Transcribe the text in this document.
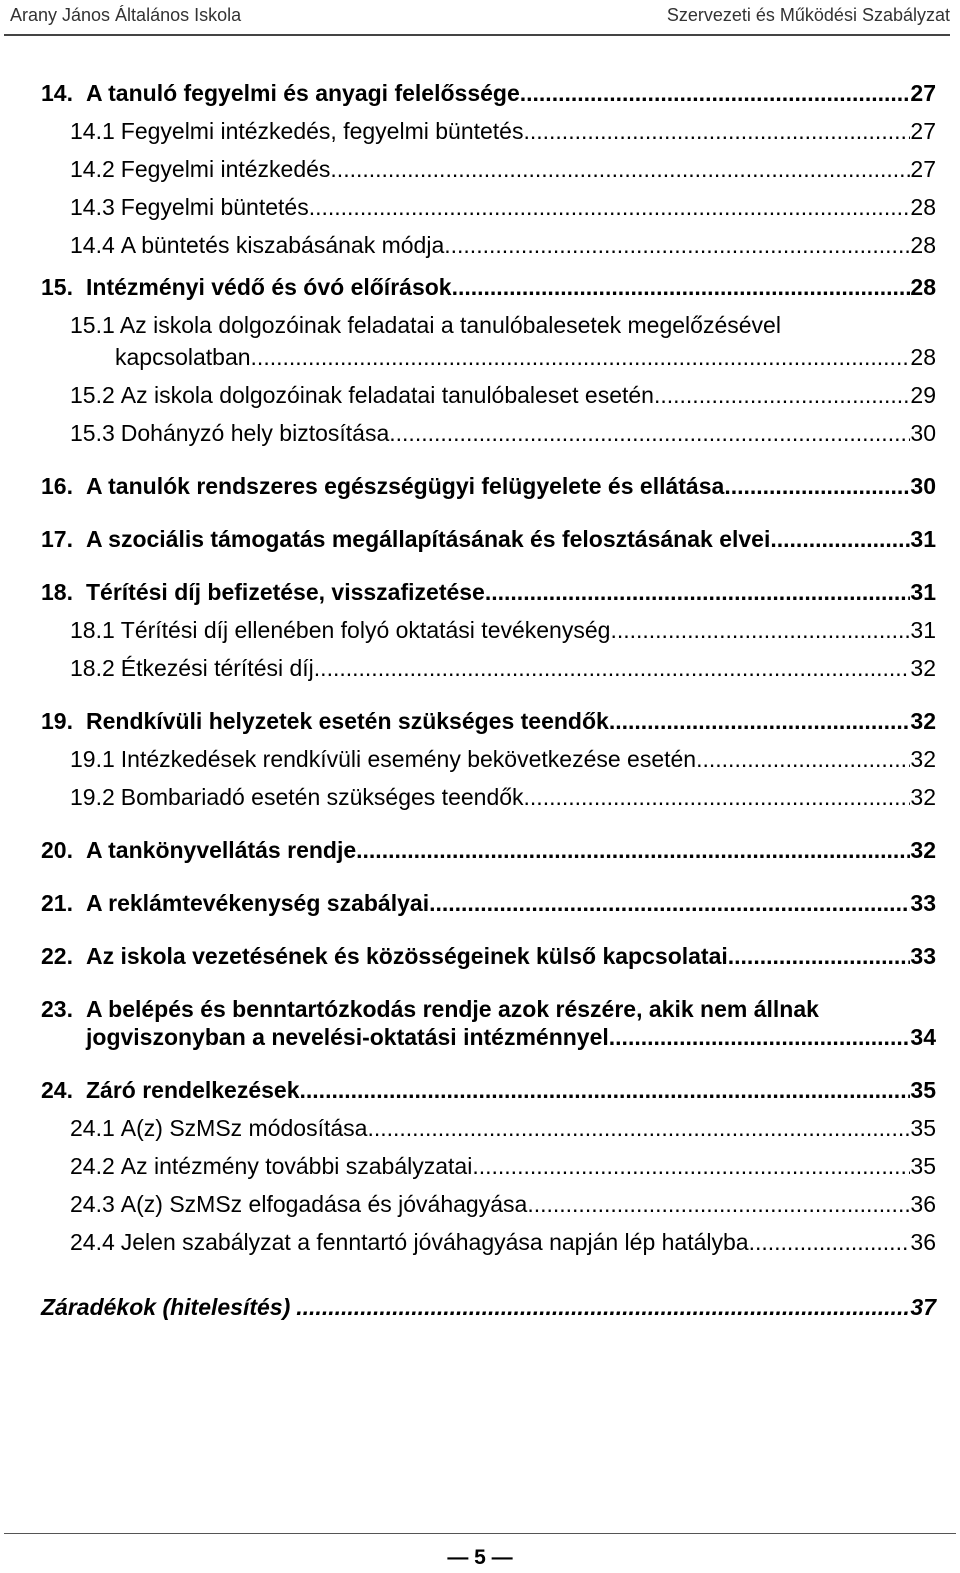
Arany János Általános Iskola	Szervezeti és Működési Szabályzat
14. A tanuló fegyelmi és anyagi felelőssége .....	27
14.1 Fegyelmi intézkedés, fegyelmi büntetés .....	27
14.2 Fegyelmi intézkedés .....	27
14.3 Fegyelmi büntetés .....	28
14.4 A büntetés kiszabásának módja .....	28
15. Intézményi védő és óvó előírások .....	28
15.1 Az iskola dolgozóinak feladatai a tanulóbalesetek megelőzésével
kapcsolatban .....	28
15.2 Az iskola dolgozóinak feladatai tanulóbaleset esetén .....	29
15.3 Dohányzó hely biztosítása .....	30
16. A tanulók rendszeres egészségügyi felügyelete és ellátása .....	30
17. A szociális támogatás megállapításának és felosztásának elvei .....	31
18. Térítési díj befizetése, visszafizetése .....	31
18.1 Térítési díj ellenében folyó oktatási tevékenység .....	31
18.2 Étkezési térítési díj .....	32
19. Rendkívüli helyzetek esetén szükséges teendők .....	32
19.1 Intézkedések rendkívüli esemény bekövetkezése esetén .....	32
19.2 Bombariadó esetén szükséges teendők .....	32
20. A tankönyvellátás rendje .....	32
21. A reklámtevékenység szabályai .....	33
22. Az iskola vezetésének és közösségeinek külső kapcsolatai .....	33
23. A belépés és benntartózkodás rendje azok részére, akik nem állnak
jogviszonyban a nevelési-oktatási intézménnyel .....	34
24. Záró rendelkezések .....	35
24.1 A(z) SzMSz módosítása .....	35
24.2 Az intézmény további szabályzatai .....	35
24.3 A(z) SzMSz elfogadása és jóváhagyása .....	36
24.4 Jelen szabályzat a fenntartó jóváhagyása napján lép hatályba .....	36
Záradékok (hitelesítés) .....	37
— 5 —
